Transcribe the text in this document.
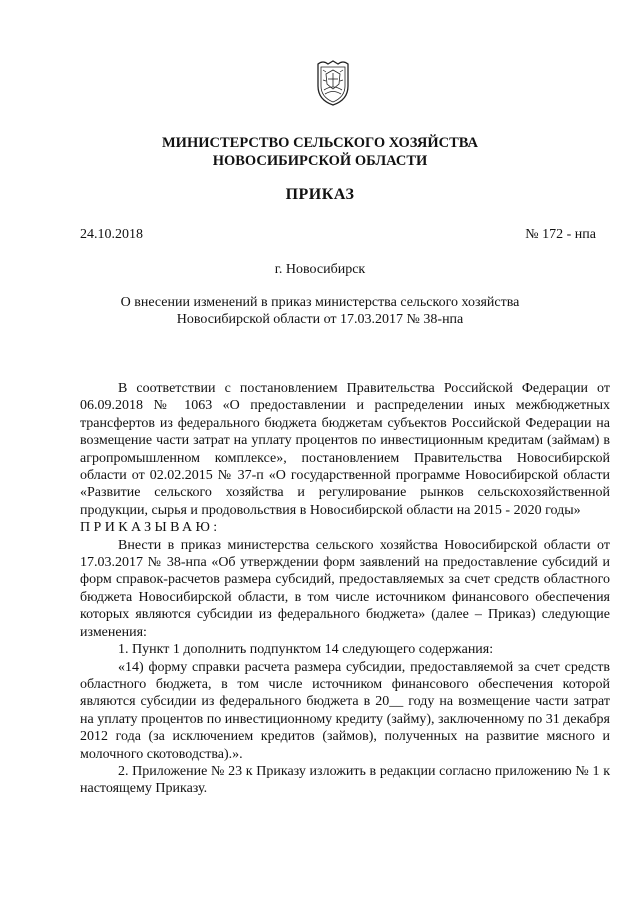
МИНИСТЕРСТВО СЕЛЬСКОГО ХОЗЯЙСТВА
НОВОСИБИРСКОЙ ОБЛАСТИ
ПРИКАЗ
24.10.2018	№ 172 - нпа
г. Новосибирск
О внесении изменений в приказ министерства сельского хозяйства
Новосибирской области от 17.03.2017 № 38-нпа

В соответствии с постановлением Правительства Российской Федерации от 06.09.2018 № 1063 «О предоставлении и распределении иных межбюджетных трансфертов из федерального бюджета бюджетам субъектов Российской Федерации на возмещение части затрат на уплату процентов по инвестиционным кредитам (займам) в агропромышленном комплексе», постановлением Правительства Новосибирской области от 02.02.2015 № 37-п «О государственной программе Новосибирской области «Развитие сельского хозяйства и регулирование рынков сельскохозяйственной продукции, сырья и продовольствия в Новосибирской области на 2015 - 2020 годы»

ПРИКАЗЫВАЮ:

Внести в приказ министерства сельского хозяйства Новосибирской области от 17.03.2017 № 38-нпа «Об утверждении форм заявлений на предоставление субсидий и форм справок-расчетов размера субсидий, предоставляемых за счет средств областного бюджета Новосибирской области, в том числе источником финансового обеспечения которых являются субсидии из федерального бюджета» (далее – Приказ) следующие изменения:

1. Пункт 1 дополнить подпунктом 14 следующего содержания:

«14) форму справки расчета размера субсидии, предоставляемой за счет средств областного бюджета, в том числе источником финансового обеспечения которой являются субсидии из федерального бюджета в 20__ году на возмещение части затрат на уплату процентов по инвестиционному кредиту (займу), заключенному по 31 декабря 2012 года (за исключением кредитов (займов), полученных на развитие мясного и молочного скотоводства).».

2. Приложение № 23 к Приказу изложить в редакции согласно приложению № 1 к настоящему Приказу.
